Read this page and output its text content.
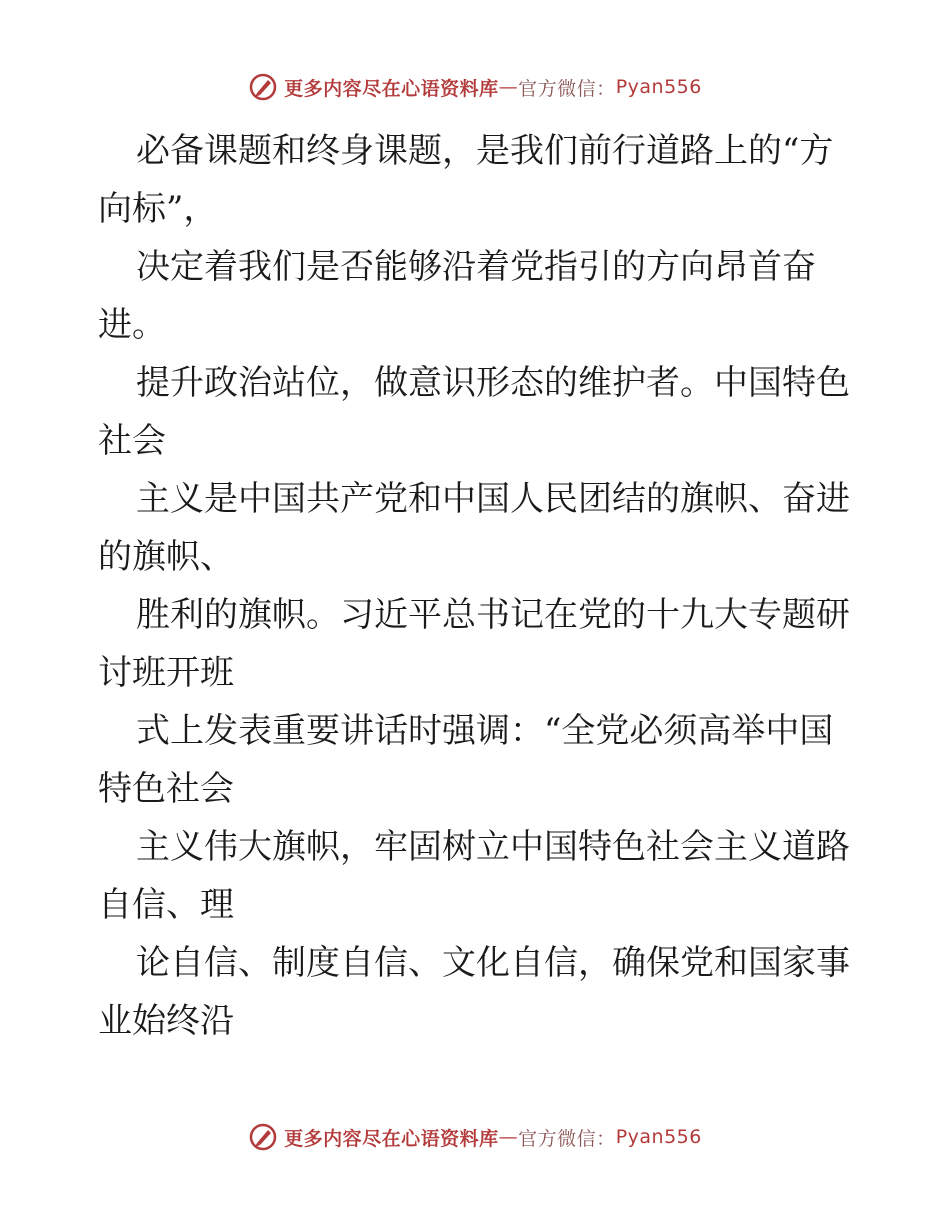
更多内容尽在心语资料库 — 官方微信： Pyan556

必备课题和终身课题，是我们前行道路上的“方
向标”，

决定着我们是否能够沿着党指引的方向昂首奋
进。

提升政治站位，做意识形态的维护者。中国特色
社会

主义是中国共产党和中国人民团结的旗帜、奋进
的旗帜、

胜利的旗帜。习近平总书记在党的十九大专题研
讨班开班

式上发表重要讲话时强调：“全党必须高举中国
特色社会

主义伟大旗帜，牢固树立中国特色社会主义道路
自信、理

论自信、制度自信、文化自信，确保党和国家事
业始终沿

更多内容尽在心语资料库 — 官方微信： Pyan556
